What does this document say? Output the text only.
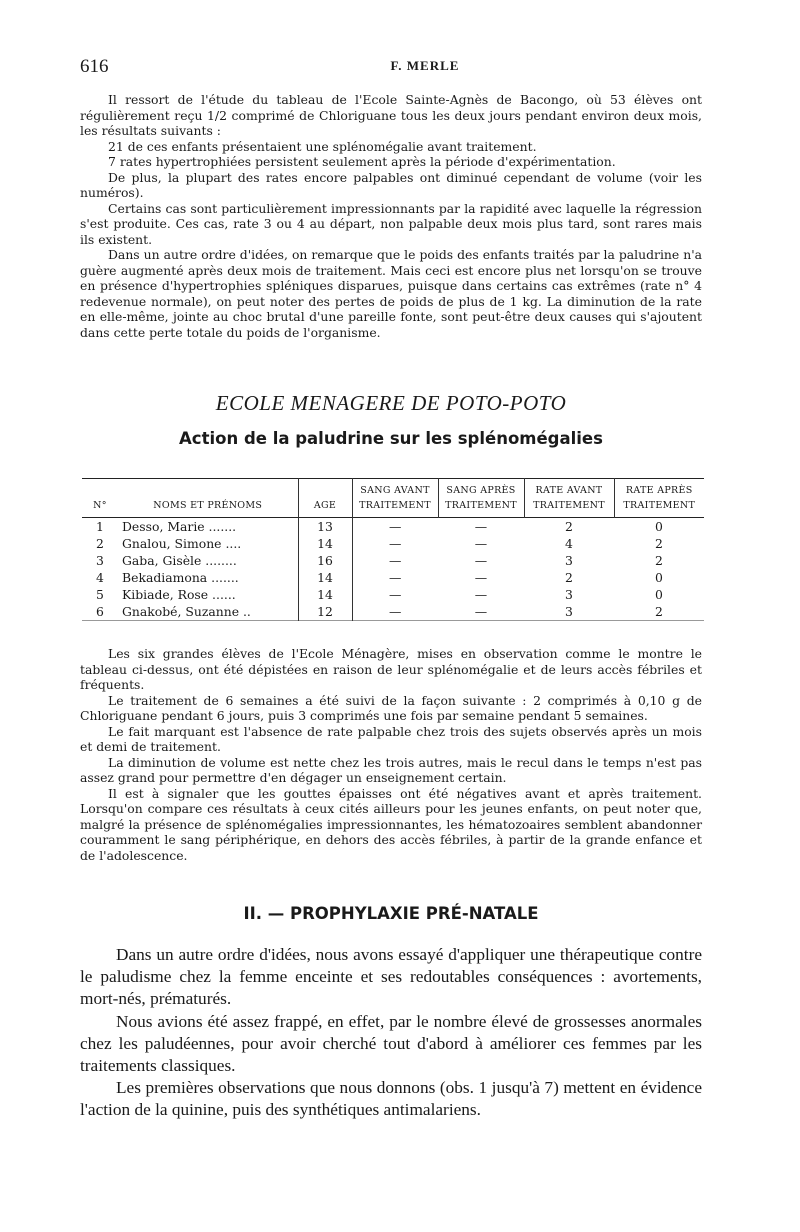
616	F. MERLE

Il ressort de l'étude du tableau de l'Ecole Sainte-Agnès de Bacongo, où 53 élèves ont régulièrement reçu 1/2 comprimé de Chloriguane tous les deux jours pendant environ deux mois, les résultats suivants :

21 de ces enfants présentaient une splénomégalie avant traitement.

7 rates hypertrophiées persistent seulement après la période d'expérimentation.

De plus, la plupart des rates encore palpables ont diminué cependant de volume (voir les numéros).

Certains cas sont particulièrement impressionnants par la rapidité avec laquelle la régression s'est produite. Ces cas, rate 3 ou 4 au départ, non palpable deux mois plus tard, sont rares mais ils existent.

Dans un autre ordre d'idées, on remarque que le poids des enfants traités par la paludrine n'a guère augmenté après deux mois de traitement. Mais ceci est encore plus net lorsqu'on se trouve en présence d'hypertrophies spléniques disparues, puisque dans certains cas extrêmes (rate n° 4 redevenue normale), on peut noter des pertes de poids de plus de 1 kg. La diminution de la rate en elle-même, jointe au choc brutal d'une pareille fonte, sont peut-être deux causes qui s'ajoutent dans cette perte totale du poids de l'organisme.

ECOLE MENAGERE DE POTO-POTO
Action de la paludrine sur les splénomégalies
N°	NOMS ET PRÉNOMS	AGE	SANG AVANT TRAITEMENT	SANG APRÈS TRAITEMENT	RATE AVANT TRAITEMENT	RATE APRÈS TRAITEMENT
1	Desso, Marie .......	13	—	—	2	0
2	Gnalou, Simone ....	14	—	—	4	2
3	Gaba, Gisèle ........	16	—	—	3	2
4	Bekadiamona .......	14	—	—	2	0
5	Kibiade, Rose ......	14	—	—	3	0
6	Gnakobé, Suzanne ..	12	—	—	3	2

Les six grandes élèves de l'Ecole Ménagère, mises en observation comme le montre le tableau ci-dessus, ont été dépistées en raison de leur splénomégalie et de leurs accès fébriles et fréquents.

Le traitement de 6 semaines a été suivi de la façon suivante : 2 comprimés à 0,10 g de Chloriguane pendant 6 jours, puis 3 comprimés une fois par semaine pendant 5 semaines.

Le fait marquant est l'absence de rate palpable chez trois des sujets observés après un mois et demi de traitement.

La diminution de volume est nette chez les trois autres, mais le recul dans le temps n'est pas assez grand pour permettre d'en dégager un enseignement certain.

Il est à signaler que les gouttes épaisses ont été négatives avant et après traitement. Lorsqu'on compare ces résultats à ceux cités ailleurs pour les jeunes enfants, on peut noter que, malgré la présence de splénomégalies impressionnantes, les hématozoaires semblent abandonner couramment le sang périphérique, en dehors des accès fébriles, à partir de la grande enfance et de l'adolescence.

II. — PROPHYLAXIE PRÉ-NATALE

Dans un autre ordre d'idées, nous avons essayé d'appliquer une thérapeutique contre le paludisme chez la femme enceinte et ses redoutables conséquences : avortements, mort-nés, prématurés.

Nous avions été assez frappé, en effet, par le nombre élevé de grossesses anormales chez les paludéennes, pour avoir cherché tout d'abord à améliorer ces femmes par les traitements classiques.

Les premières observations que nous donnons (obs. 1 jusqu'à 7) mettent en évidence l'action de la quinine, puis des synthétiques antimalariens.
